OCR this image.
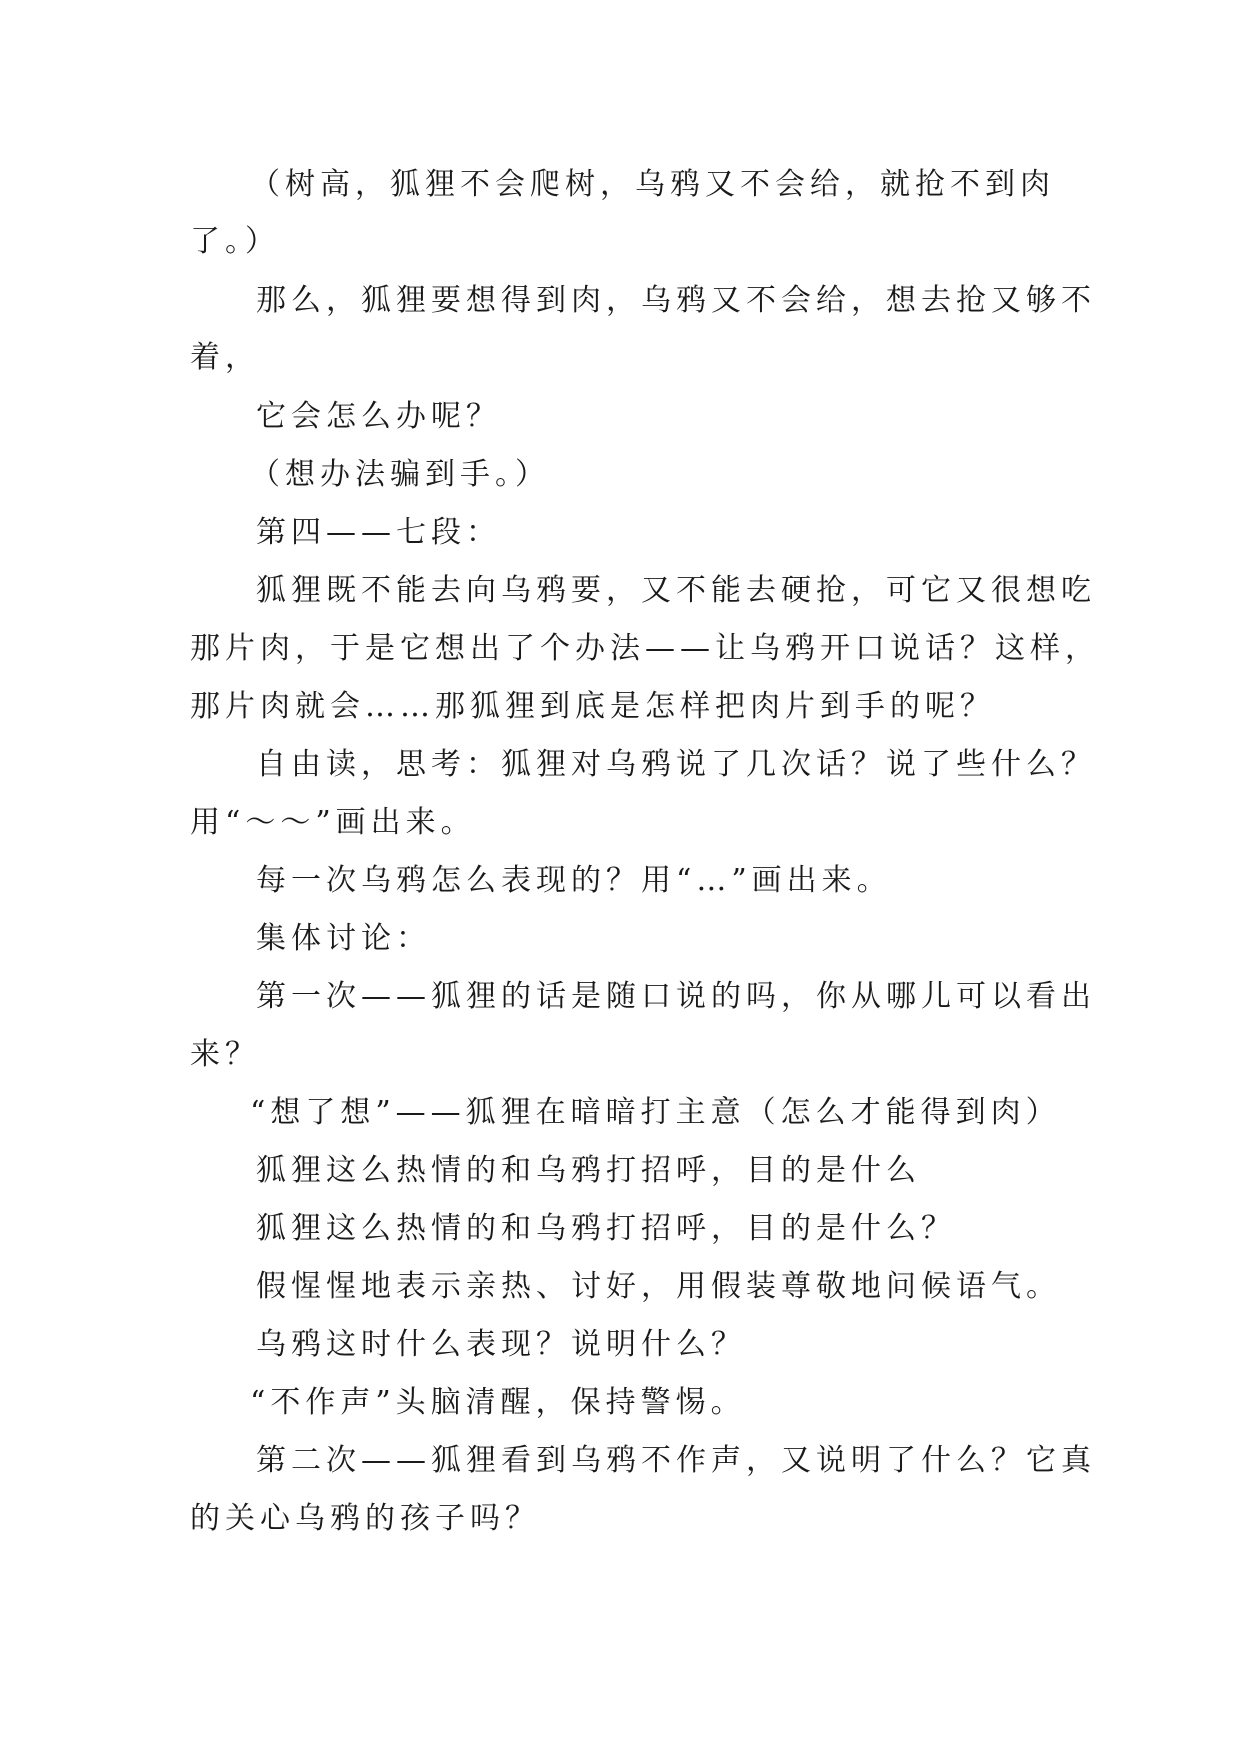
（树高，狐狸不会爬树，乌鸦又不会给，就抢不到肉
了。）
那么，狐狸要想得到肉，乌鸦又不会给，想去抢又够不
着，
它会怎么办呢？
（想办法骗到手。）
第四——七段：
狐狸既不能去向乌鸦要，又不能去硬抢，可它又很想吃
那片肉，于是它想出了个办法——让乌鸦开口说话？这样，
那片肉就会……那狐狸到底是怎样把肉片到手的呢？
自由读，思考：狐狸对乌鸦说了几次话？说了些什么？
用“～～”画出来。
每一次乌鸦怎么表现的？用“…”画出来。
集体讨论：
第一次——狐狸的话是随口说的吗，你从哪儿可以看出
来？
“想了想”——狐狸在暗暗打主意（怎么才能得到肉）
狐狸这么热情的和乌鸦打招呼，目的是什么
狐狸这么热情的和乌鸦打招呼，目的是什么？
假惺惺地表示亲热、讨好，用假装尊敬地问候语气。
乌鸦这时什么表现？说明什么？
“不作声”头脑清醒，保持警惕。
第二次——狐狸看到乌鸦不作声，又说明了什么？它真
的关心乌鸦的孩子吗？
